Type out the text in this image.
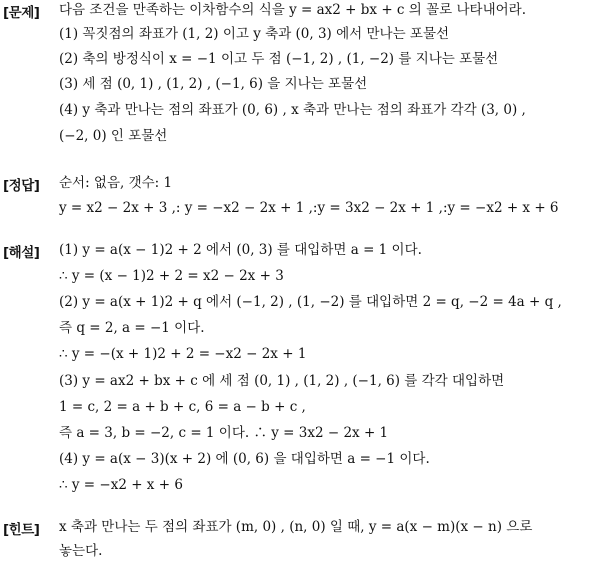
[문제] 다음 조건을 만족하는 이차함수의 식을 y = ax2 + bx + c 의 꼴로 나타내어라.
(1) 꼭짓점의 좌표가 (1, 2) 이고 y 축과 (0, 3) 에서 만나는 포물선
(2) 축의 방정식이 x = −1 이고 두 점 (−1, 2) , (1, −2) 를 지나는 포물선
(3) 세 점 (0, 1) , (1, 2) , (−1, 6) 을 지나는 포물선
(4) y 축과 만나는 점의 좌표가 (0, 6) , x 축과 만나는 점의 좌표가 각각 (3, 0) ,
(−2, 0) 인 포물선
[정답] 순서: 없음, 갯수: 1
y = x2 − 2x + 3 ,: y = −x2 − 2x + 1 ,:y = 3x2 − 2x + 1 ,:y = −x2 + x + 6
[해설] (1) y = a(x − 1)2 + 2 에서 (0, 3) 를 대입하면 a = 1 이다.
∴ y = (x − 1)2 + 2 = x2 − 2x + 3
(2) y = a(x + 1)2 + q 에서 (−1, 2) , (1, −2) 를 대입하면 2 = q, −2 = 4a + q ,
즉 q = 2, a = −1 이다.
∴ y = −(x + 1)2 + 2 = −x2 − 2x + 1
(3) y = ax2 + bx + c 에 세 점 (0, 1) , (1, 2) , (−1, 6) 를 각각 대입하면
1 = c, 2 = a + b + c, 6 = a − b + c ,
즉 a = 3, b = −2, c = 1 이다. ∴ y = 3x2 − 2x + 1
(4) y = a(x − 3)(x + 2) 에 (0, 6) 을 대입하면 a = −1 이다.
∴ y = −x2 + x + 6
[힌트] x 축과 만나는 두 점의 좌표가 (m, 0) , (n, 0) 일 때, y = a(x − m)(x − n) 으로
놓는다.
